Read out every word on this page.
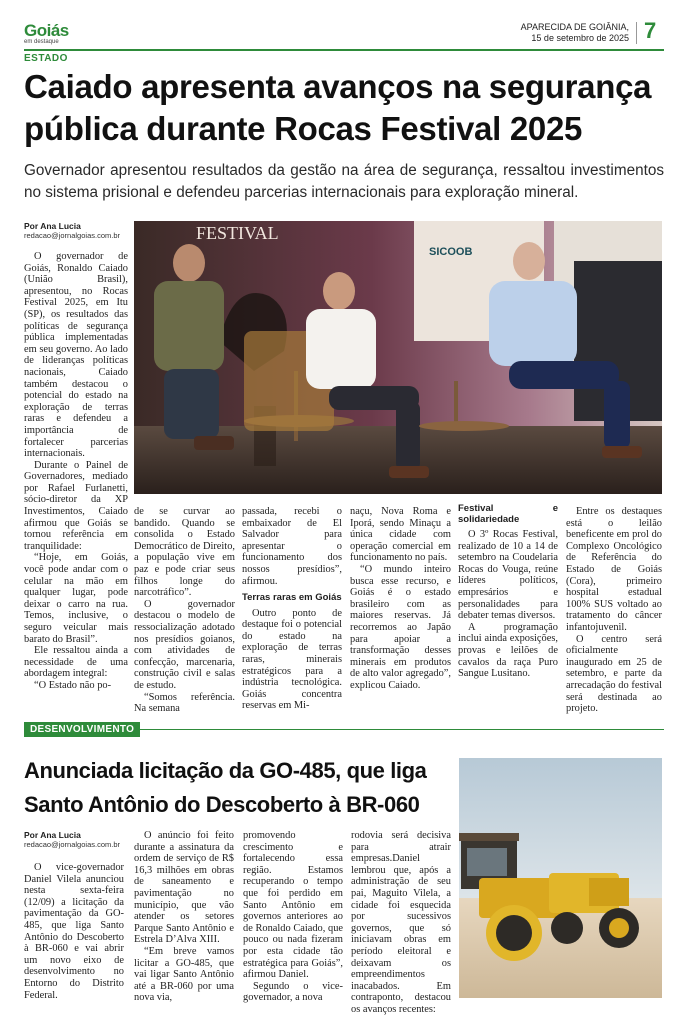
Goiás
em destaque
APARECIDA DE GOIÂNIA,
15 de setembro de 2025 7
ESTADO
Caiado apresenta avanços na segurança pública durante Rocas Festival 2025

Governador apresentou resultados da gestão na área de segurança, ressaltou investimentos no sistema prisional e defendeu parcerias internacionais para exploração mineral.

Por Ana Lucia
redacao@jornalgoias.com.br

O governador de Goiás, Ronaldo Caiado (União Brasil), apresentou, no Rocas Festival 2025, em Itu (SP), os resultados das políticas de segurança pública implementadas em seu governo. Ao lado de lideranças políticas nacionais, Caiado também destacou o potencial do estado na exploração de terras raras e defendeu a importância de fortalecer parcerias internacionais.

Durante o Painel de Governadores, mediado por Rafael Furlanetti, sócio-diretor da XP Investimentos, Caiado afirmou que Goiás se tornou referência em tranquilidade:

“Hoje, em Goiás, você pode andar com o celular na mão em qualquer lugar, pode deixar o carro na rua. Temos, inclusive, o seguro veicular mais barato do Brasil”.

Ele ressaltou ainda a necessidade de uma abordagem integral:

“O Estado não po-

FESTIVAL
SICOOB

de se curvar ao bandido. Quando se consolida o Estado Democrático de Direito, a população vive em paz e pode criar seus filhos longe do narcotráfico”.

O governador destacou o modelo de ressocialização adotado nos presídios goianos, com atividades de confecção, marcenaria, construção civil e salas de estudo.

“Somos referência. Na semana

passada, recebi o embaixador de El Salvador para apresentar o funcionamento dos nossos presídios”, afirmou.

Terras raras em Goiás

Outro ponto de destaque foi o potencial do estado na exploração de terras raras, minerais estratégicos para a indústria tecnológica. Goiás concentra reservas em Mi-

naçu, Nova Roma e Iporá, sendo Minaçu a única cidade com operação comercial em funcionamento no país.

“O mundo inteiro busca esse recurso, e Goiás é o estado brasileiro com as maiores reservas. Já recorremos ao Japão para apoiar a transformação desses minerais em produtos de alto valor agregado”, explicou Caiado.

Festival e solidariedade

O 3º Rocas Festival, realizado de 10 a 14 de setembro na Coudelaria Rocas do Vouga, reúne líderes políticos, empresários e personalidades para debater temas diversos.

A programação inclui ainda exposições, provas e leilões de cavalos da raça Puro Sangue Lusitano.

Entre os destaques está o leilão beneficente em prol do Complexo Oncológico de Referência do Estado de Goiás (Cora), primeiro hospital estadual 100% SUS voltado ao tratamento do câncer infantojuvenil.

O centro será oficialmente inaugurado em 25 de setembro, e parte da arrecadação do festival será destinada ao projeto.

DESENVOLVIMENTO
Anunciada licitação da GO-485, que liga
Santo Antônio do Descoberto à BR-060
Por Ana Lucia
redacao@jornalgoias.com.br

O vice-governador Daniel Vilela anunciou nesta sexta-feira (12/09) a licitação da pavimentação da GO-485, que liga Santo Antônio do Descoberto à BR-060 e vai abrir um novo eixo de desenvolvimento no Entorno do Distrito Federal.

O anúncio foi feito durante a assinatura da ordem de serviço de R$ 16,3 milhões em obras de saneamento e pavimentação no município, que vão atender os setores Parque Santo Antônio e Estrela D’Alva XIII.

“Em breve vamos licitar a GO-485, que vai ligar Santo Antônio até a BR-060 por uma nova via,

promovendo crescimento e fortalecendo essa região. Estamos recuperando o tempo que foi perdido em Santo Antônio em governos anteriores ao de Ronaldo Caiado, que pouco ou nada fizeram por esta cidade tão estratégica para Goiás”, afirmou Daniel.

Segundo o vice-governador, a nova

rodovia será decisiva para atrair empresas.Daniel lembrou que, após a administração de seu pai, Maguito Vilela, a cidade foi esquecida por sucessivos governos, que só iniciavam obras em período eleitoral e deixavam os empreendimentos inacabados. Em contraponto, destacou os avanços recentes:
